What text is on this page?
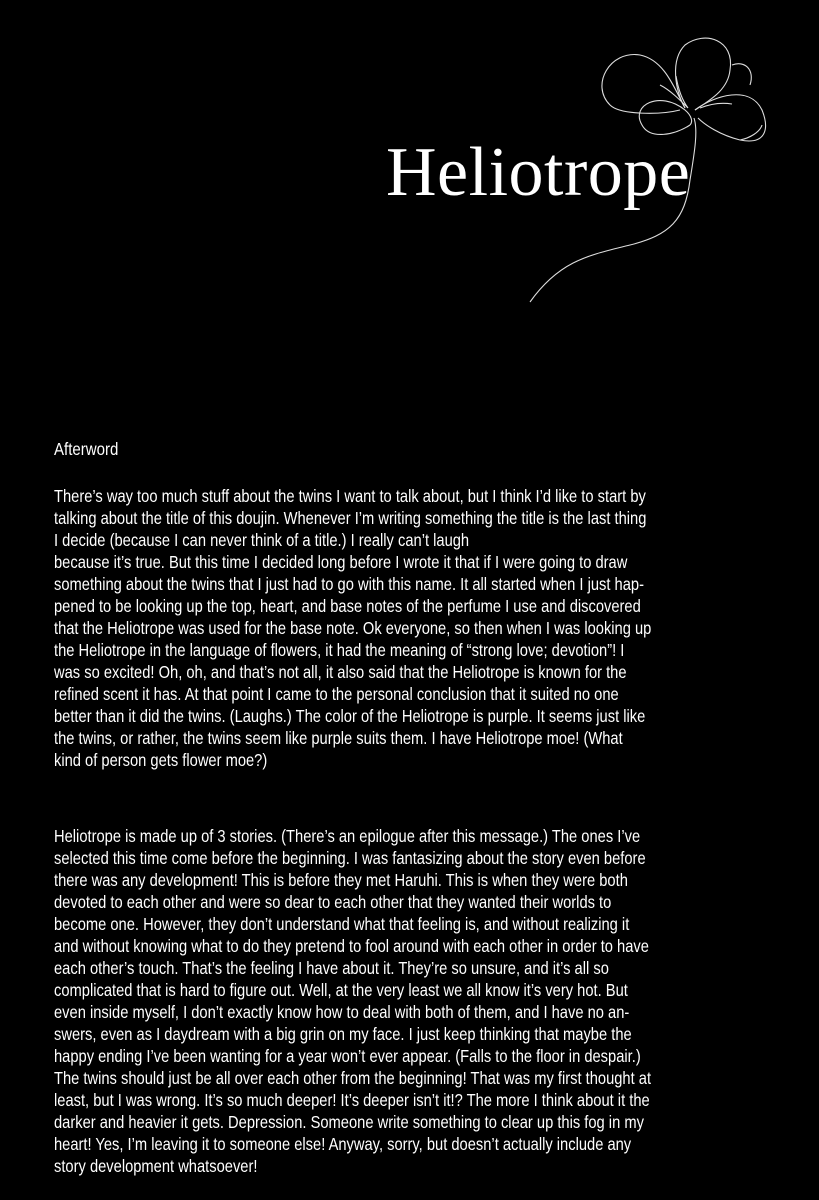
Heliotrope
Afterword
There’s way too much stuff about the twins I want to talk about, but I think I’d like to start by
talking about the title of this doujin. Whenever I’m writing something the title is the last thing
I decide (because I can never think of a title.) I really can’t laugh
because it’s true. But this time I decided long before I wrote it that if I were going to draw
something about the twins that I just had to go with this name. It all started when I just hap-
pened to be looking up the top, heart, and base notes of the perfume I use and discovered
that the Heliotrope was used for the base note. Ok everyone, so then when I was looking up
the Heliotrope in the language of flowers, it had the meaning of “strong love; devotion”! I
was so excited! Oh, oh, and that’s not all, it also said that the Heliotrope is known for the
refined scent it has. At that point I came to the personal conclusion that it suited no one
better than it did the twins. (Laughs.) The color of the Heliotrope is purple. It seems just like
the twins, or rather, the twins seem like purple suits them. I have Heliotrope moe! (What
kind of person gets flower moe?)
Heliotrope is made up of 3 stories. (There’s an epilogue after this message.) The ones I’ve
selected this time come before the beginning. I was fantasizing about the story even before
there was any development! This is before they met Haruhi. This is when they were both
devoted to each other and were so dear to each other that they wanted their worlds to
become one. However, they don’t understand what that feeling is, and without realizing it
and without knowing what to do they pretend to fool around with each other in order to have
each other’s touch. That’s the feeling I have about it. They’re so unsure, and it’s all so
complicated that is hard to figure out. Well, at the very least we all know it’s very hot. But
even inside myself, I don’t exactly know how to deal with both of them, and I have no an-
swers, even as I daydream with a big grin on my face. I just keep thinking that maybe the
happy ending I’ve been wanting for a year won’t ever appear. (Falls to the floor in despair.)
The twins should just be all over each other from the beginning! That was my first thought at
least, but I was wrong. It’s so much deeper! It’s deeper isn’t it!? The more I think about it the
darker and heavier it gets. Depression. Someone write something to clear up this fog in my
heart! Yes, I’m leaving it to someone else! Anyway, sorry, but doesn’t actually include any
story development whatsoever!
